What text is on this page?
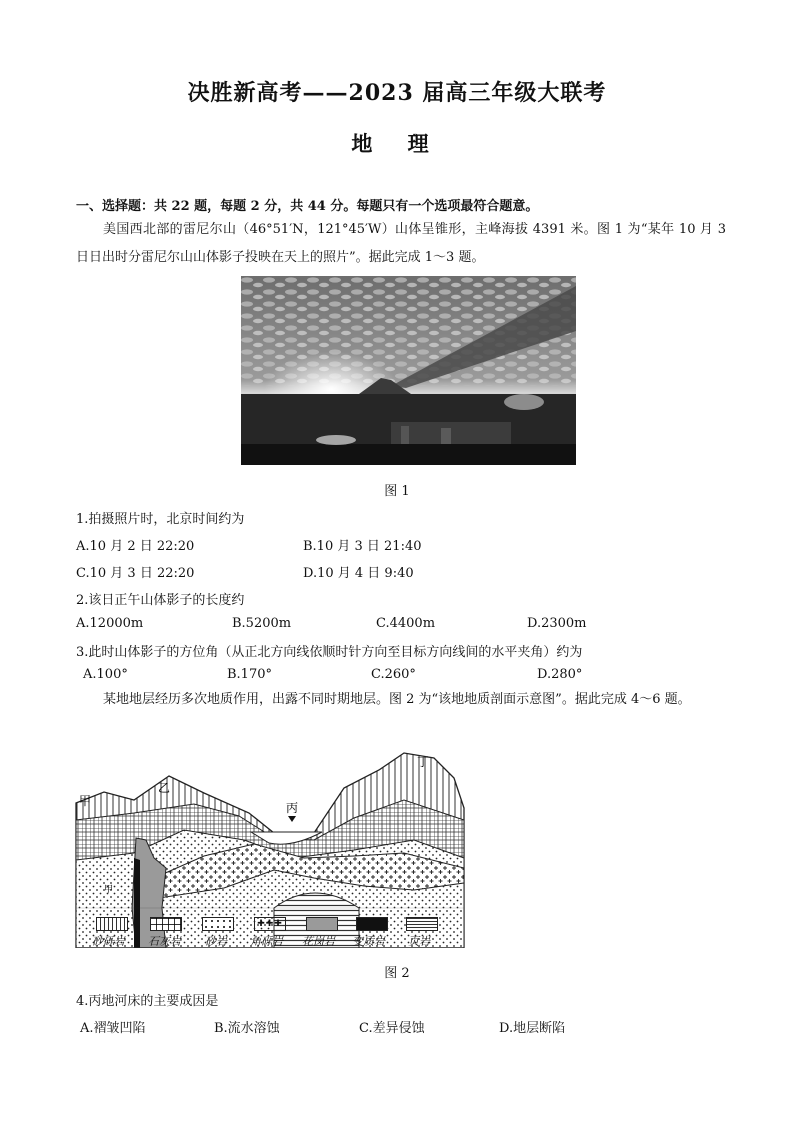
决胜新高考——2023 届高三年级大联考
地 理
一、选择题：共 22 题，每题 2 分，共 44 分。每题只有一个选项最符合题意。
美国西北部的雷尼尔山（46°51′N，121°45′W）山体呈锥形，主峰海拔 4391 米。图 1 为“某年 10 月 3 日日出时分雷尼尔山山体影子投映在天上的照片”。据此完成 1～3 题。
图 1
1.拍摄照片时，北京时间约为
A.10 月 2 日 22:20	B.10 月 3 日 21:40
C.10 月 3 日 22:20	D.10 月 4 日 9:40
2.该日正午山体影子的长度约
A.12000m	B.5200m	C.4400m	D.2300m
3.此时山体影子的方位角（从正北方向线依顺时针方向至目标方向线间的水平夹角）约为
A.100°	B.170°	C.260°	D.280°
某地地层经历多次地质作用，出露不同时期地层。图 2 为“该地地质剖面示意图”。据此完成 4～6 题。
甲
乙
丙
丁
甲
✚✚✚
砂砾岩 石灰岩 砂岩 角砾岩 花岗岩 变质岩 页岩
图 2
4.丙地河床的主要成因是
A.褶皱凹陷	B.流水溶蚀	C.差异侵蚀	D.地层断陷
